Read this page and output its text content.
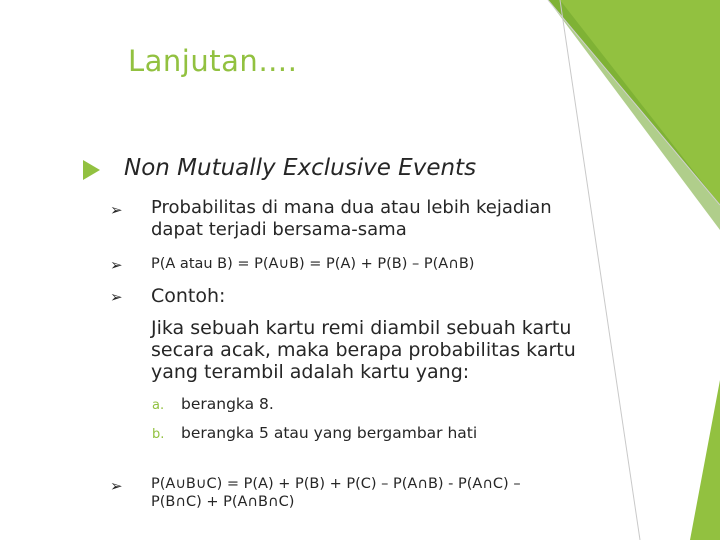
Lanjutan….
Non Mutually Exclusive Events
➢ Probabilitas di mana dua atau lebih kejadian
dapat terjadi bersama-sama
➢ P(A atau B) = P(A∪B) = P(A) + P(B) – P(A∩B)
➢ Contoh:
Jika sebuah kartu remi diambil sebuah kartu
secara acak, maka berapa probabilitas kartu
yang terambil adalah kartu yang:
a. berangka 8.
b. berangka 5 atau yang bergambar hati
➢ P(A∪B∪C) = P(A) + P(B) + P(C) – P(A∩B) - P(A∩C) –
P(B∩C) + P(A∩B∩C)
